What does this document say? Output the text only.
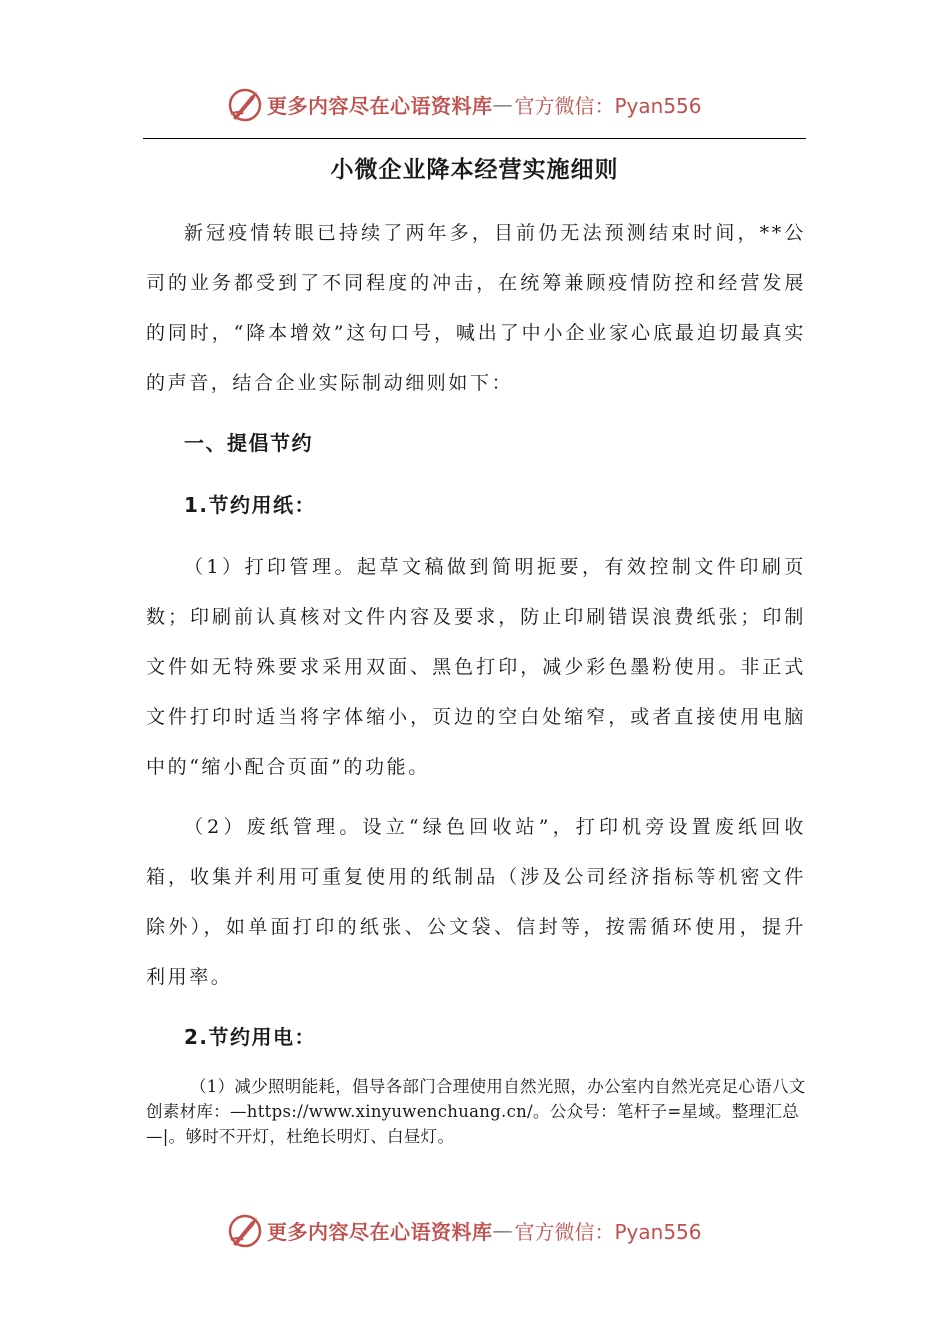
更多内容尽在心语资料库 — 官方微信：Pyan556
小微企业降本经营实施细则

新冠疫情转眼已持续了两年多，目前仍无法预测结束时间，**公司的业务都受到了不同程度的冲击，在统筹兼顾疫情防控和经营发展的同时，“降本增效”这句口号，喊出了中小企业家心底最迫切最真实的声音，结合企业实际制动细则如下：

一、提倡节约

1.节约用纸：

（1）打印管理。起草文稿做到简明扼要，有效控制文件印刷页数；印刷前认真核对文件内容及要求，防止印刷错误浪费纸张；印制文件如无特殊要求采用双面、黑色打印，减少彩色墨粉使用。非正式文件打印时适当将字体缩小，页边的空白处缩窄，或者直接使用电脑中的“缩小配合页面”的功能。

（2）废纸管理。设立“绿色回收站”，打印机旁设置废纸回收箱，收集并利用可重复使用的纸制品（涉及公司经济指标等机密文件除外），如单面打印的纸张、公文袋、信封等，按需循环使用，提升利用率。

2.节约用电：

（1）减少照明能耗，倡导各部门合理使用自然光照，办公室内自然光亮足心语八文创素材库：—https://www.xinyuwenchuang.cn/。公众号：笔杆子=星域。整理汇总—|。够时不开灯，杜绝长明灯、白昼灯。

更多内容尽在心语资料库 — 官方微信：Pyan556
